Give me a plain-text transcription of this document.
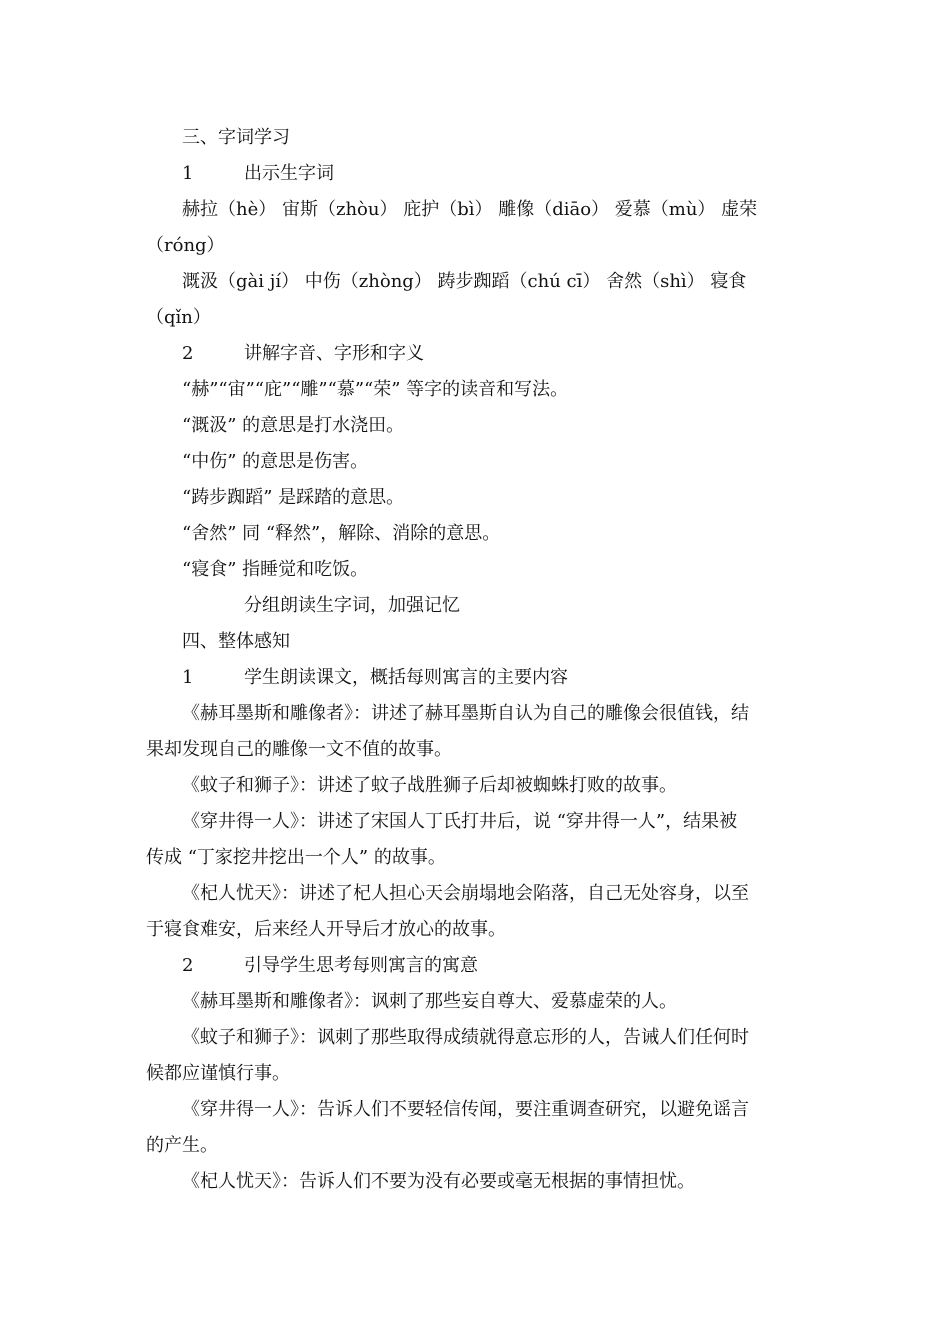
三、字词学习
1	出示生字词
赫拉（hè） 宙斯（zhòu） 庇护（bì） 雕像（diāo） 爱慕（mù） 虚荣
（róng）
溉汲（gài jí） 中伤（zhòng） 踌步踟蹈（chú cī） 舍然（shì） 寝食
（qǐn）
2	讲解字音、字形和字义
“赫”“宙”“庇”“雕”“慕”“荣” 等字的读音和写法。
“溉汲” 的意思是打水浇田。
“中伤” 的意思是伤害。
“踌步踟蹈” 是踩踏的意思。
“舍然” 同 “释然”，解除、消除的意思。
“寝食” 指睡觉和吃饭。
分组朗读生字词，加强记忆
四、整体感知
1	学生朗读课文，概括每则寓言的主要内容
《赫耳墨斯和雕像者》：讲述了赫耳墨斯自认为自己的雕像会很值钱，结
果却发现自己的雕像一文不值的故事。
《蚊子和狮子》：讲述了蚊子战胜狮子后却被蜘蛛打败的故事。
《穿井得一人》：讲述了宋国人丁氏打井后，说 “穿井得一人”，结果被
传成 “丁家挖井挖出一个人” 的故事。
《杞人忧天》：讲述了杞人担心天会崩塌地会陷落，自己无处容身，以至
于寝食难安，后来经人开导后才放心的故事。
2	引导学生思考每则寓言的寓意
《赫耳墨斯和雕像者》：讽刺了那些妄自尊大、爱慕虚荣的人。
《蚊子和狮子》：讽刺了那些取得成绩就得意忘形的人，告诫人们任何时
候都应谨慎行事。
《穿井得一人》：告诉人们不要轻信传闻，要注重调查研究，以避免谣言
的产生。
《杞人忧天》：告诉人们不要为没有必要或毫无根据的事情担忧。
